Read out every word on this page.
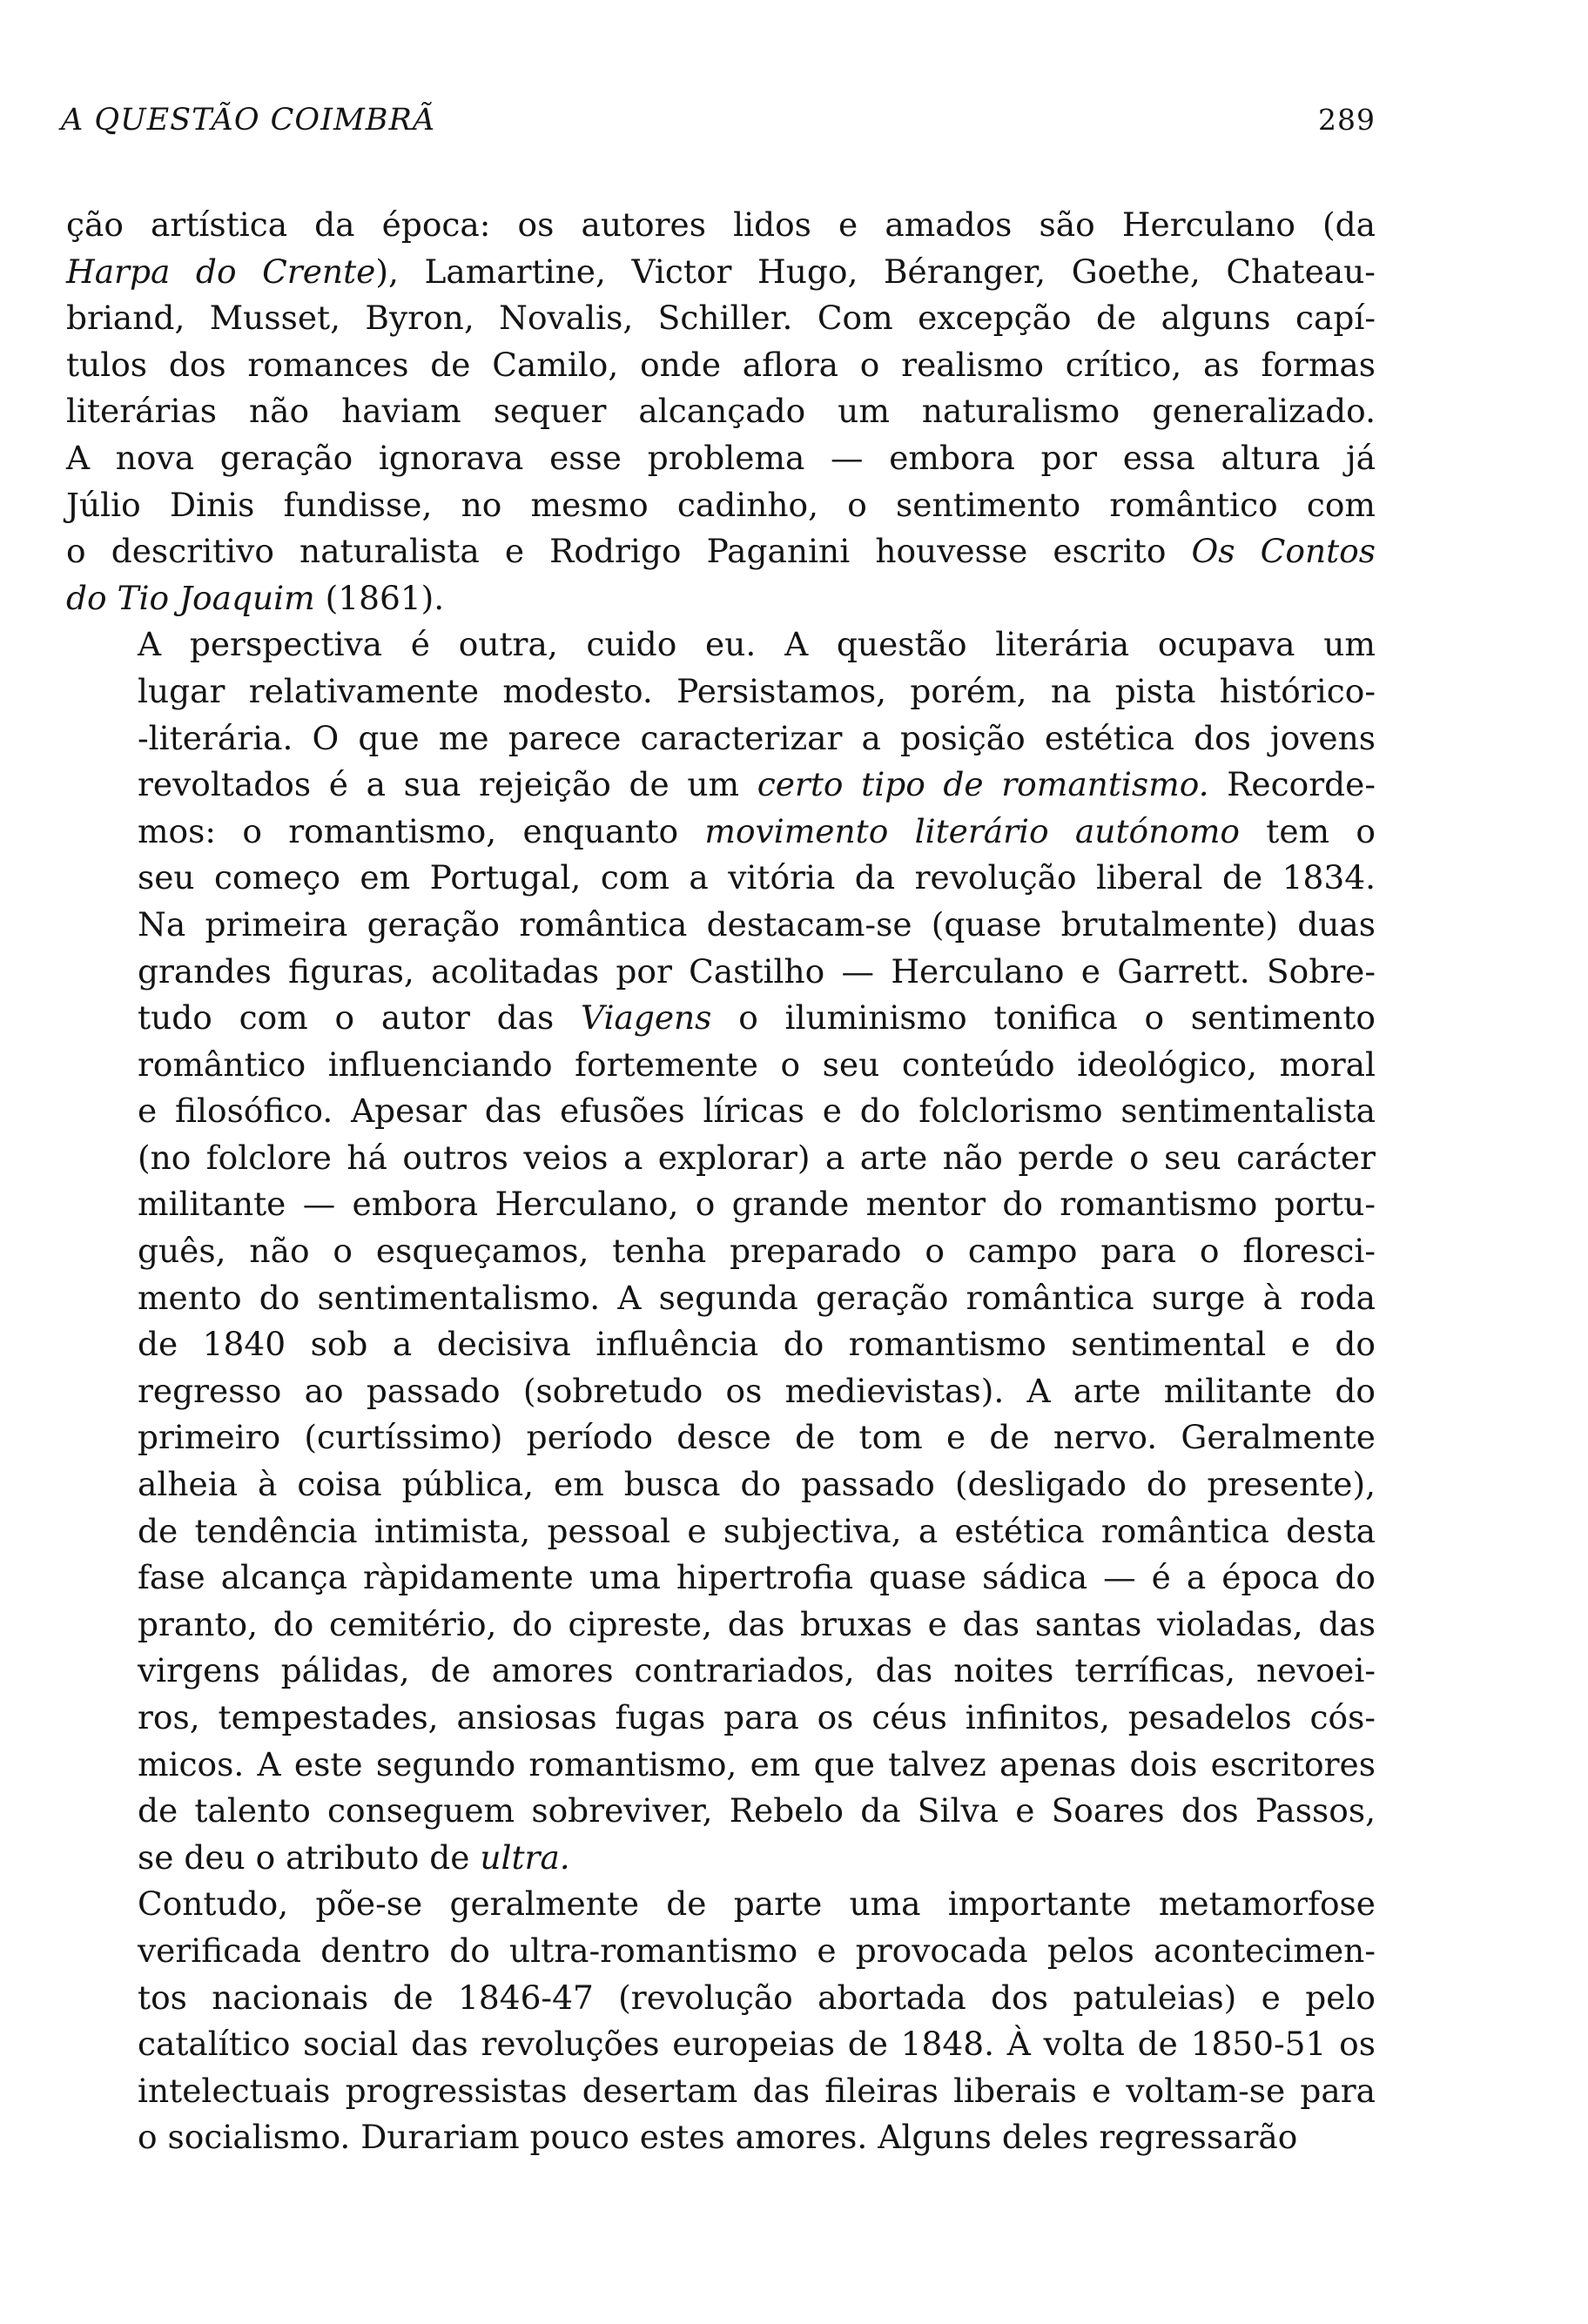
A QUESTÃO COIMBRÃ	289

ção artística da época: os autores lidos e amados são Herculano (da
Harpa do Crente), Lamartine, Victor Hugo, Béranger, Goethe, Chateau-
briand, Musset, Byron, Novalis, Schiller. Com excepção de alguns capí-
tulos dos romances de Camilo, onde aflora o realismo crítico, as formas
literárias não haviam sequer alcançado um naturalismo generalizado.
A nova geração ignorava esse problema — embora por essa altura já
Júlio Dinis fundisse, no mesmo cadinho, o sentimento romântico com
o descritivo naturalista e Rodrigo Paganini houvesse escrito Os Contos
do Tio Joaquim (1861).

A perspectiva é outra, cuido eu. A questão literária ocupava um
lugar relativamente modesto. Persistamos, porém, na pista histórico-
-literária. O que me parece caracterizar a posição estética dos jovens
revoltados é a sua rejeição de um certo tipo de romantismo. Recorde-
mos: o romantismo, enquanto movimento literário autónomo tem o
seu começo em Portugal, com a vitória da revolução liberal de 1834.
Na primeira geração romântica destacam-se (quase brutalmente) duas
grandes figuras, acolitadas por Castilho — Herculano e Garrett. Sobre-
tudo com o autor das Viagens o iluminismo tonifica o sentimento
romântico influenciando fortemente o seu conteúdo ideológico, moral
e filosófico. Apesar das efusões líricas e do folclorismo sentimentalista
(no folclore há outros veios a explorar) a arte não perde o seu carácter
militante — embora Herculano, o grande mentor do romantismo portu-
guês, não o esqueçamos, tenha preparado o campo para o floresci-
mento do sentimentalismo. A segunda geração romântica surge à roda
de 1840 sob a decisiva influência do romantismo sentimental e do
regresso ao passado (sobretudo os medievistas). A arte militante do
primeiro (curtíssimo) período desce de tom e de nervo. Geralmente
alheia à coisa pública, em busca do passado (desligado do presente),
de tendência intimista, pessoal e subjectiva, a estética romântica desta
fase alcança ràpidamente uma hipertrofia quase sádica — é a época do
pranto, do cemitério, do cipreste, das bruxas e das santas violadas, das
virgens pálidas, de amores contrariados, das noites terríficas, nevoei-
ros, tempestades, ansiosas fugas para os céus infinitos, pesadelos cós-
micos. A este segundo romantismo, em que talvez apenas dois escritores
de talento conseguem sobreviver, Rebelo da Silva e Soares dos Passos,
se deu o atributo de ultra.

Contudo, põe-se geralmente de parte uma importante metamorfose
verificada dentro do ultra-romantismo e provocada pelos acontecimen-
tos nacionais de 1846-47 (revolução abortada dos patuleias) e pelo
catalítico social das revoluções europeias de 1848. À volta de 1850-51 os
intelectuais progressistas desertam das fileiras liberais e voltam-se para
o socialismo. Durariam pouco estes amores. Alguns deles regressarão
